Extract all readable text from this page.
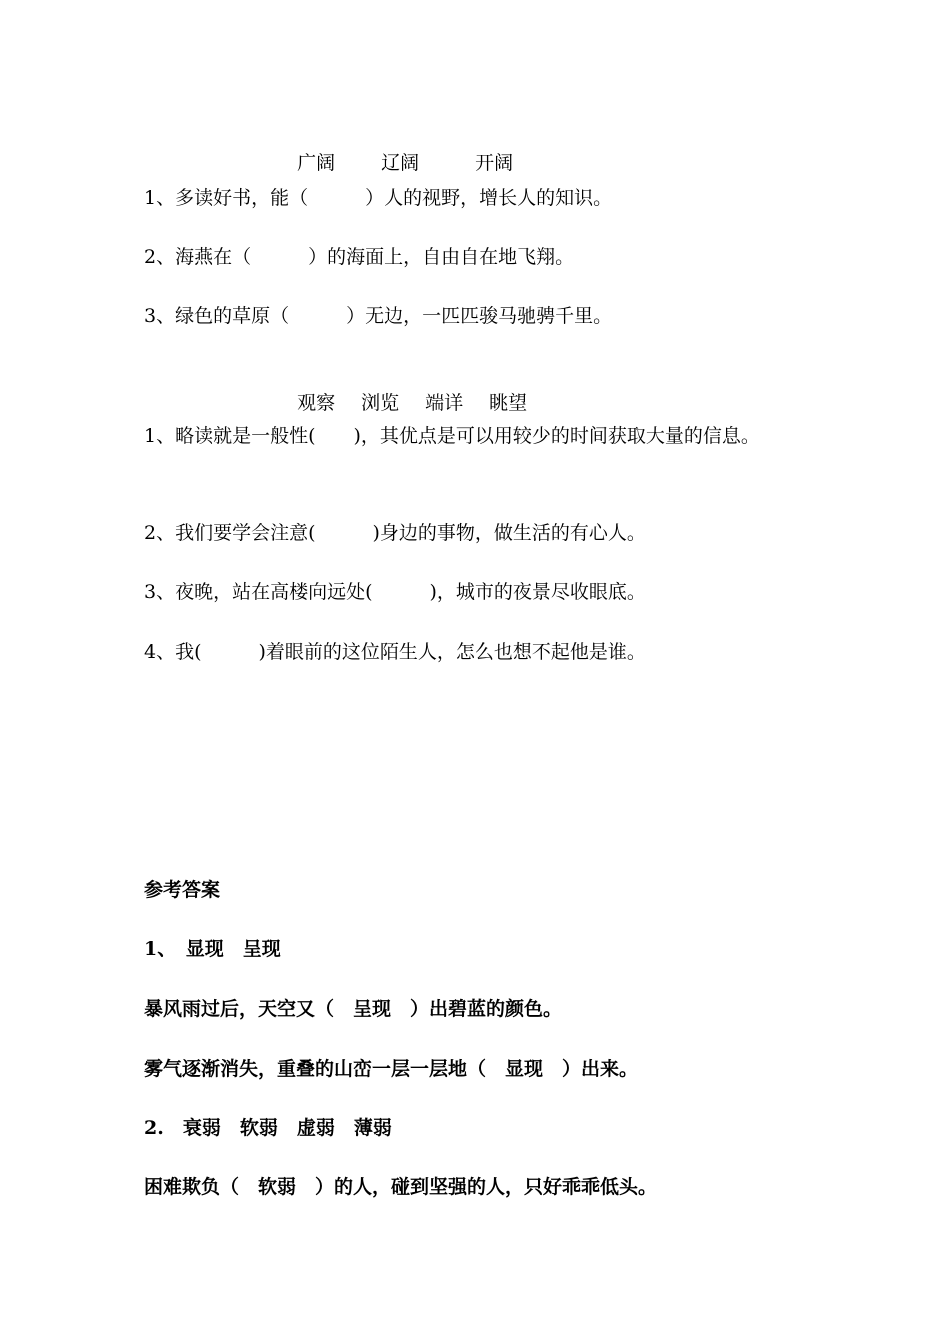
广阔 辽阔	开阔

1、多读好书，能（　　　）人的视野，增长人的知识。
2、海燕在（　　　）的海面上，自由自在地飞翔。
3、绿色的草原（　　　）无边，一匹匹骏马驰骋千里。

观察 浏览 端详 眺望

1、略读就是一般性(　　)，其优点是可以用较少的时间获取大量的信息。
2、我们要学会注意(　　　)身边的事物，做生活的有心人。
3、夜晚，站在高楼向远处(　　　)，城市的夜景尽收眼底。
4、我(　　　)着眼前的这位陌生人，怎么也想不起他是谁。
参考答案
1、　显现　呈现
暴风雨过后，天空又（　呈现　）出碧蓝的颜色。
雾气逐渐消失，重叠的山峦一层一层地（　显现　）出来。
2.　衰弱　软弱　虚弱　薄弱
困难欺负（　软弱　）的人，碰到坚强的人，只好乖乖低头。
